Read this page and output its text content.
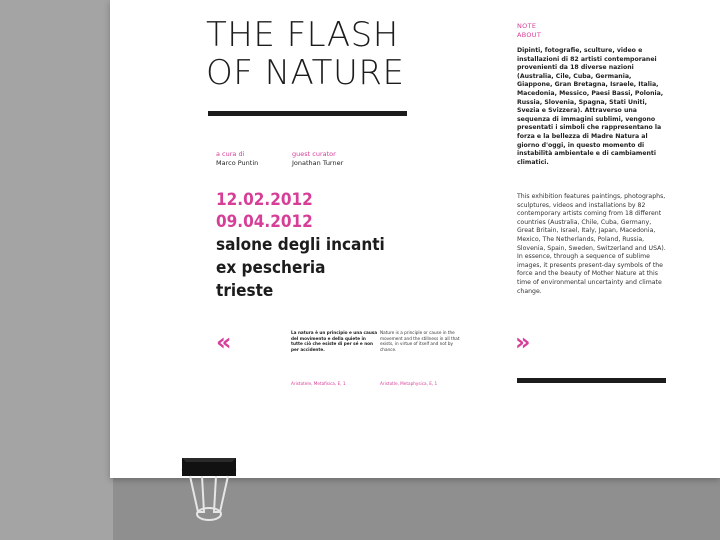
THE FLASH
OF NATURE
a cura di
Marco Puntin
guest curator
Jonathan Turner
12.02.2012
09.04.2012
salone degli incanti
ex pescheria
trieste
«	La natura è un principio e una causa del movimento e della quiete in tutte ciò che esiste di per sé e non per accidente.
Aristotele, Metafisica, E, 1
Nature is a principle or cause in the movement and the stillness in all that exists, in virtue of itself and not by chance.
Aristotle, Metaphysica, E, 1
NOTE
ABOUT
Dipinti, fotografie, sculture, video e installazioni di 82 artisti contemporanei provenienti da 18 diverse nazioni (Australia, Cile, Cuba, Germania, Giappone, Gran Bretagna, Israele, Italia, Macedonia, Messico, Paesi Bassi, Polonia, Russia, Slovenia, Spagna, Stati Uniti, Svezia e Svizzera). Attraverso una sequenza di immagini sublimi, vengono presentati i simboli che rappresentano la forza e la bellezza di Madre Natura al giorno d'oggi, in questo momento di instabilità ambientale e di cambiamenti climatici.
This exhibition features paintings, photographs, sculptures, videos and installations by 82 contemporary artists coming from 18 different countries (Australia, Chile, Cuba, Germany, Great Britain, Israel, Italy, Japan, Macedonia, Mexico, The Netherlands, Poland, Russia, Slovenia, Spain, Sweden, Switzerland and USA). In essence, through a sequence of sublime images, it presents present-day symbols of the force and the beauty of Mother Nature at this time of environmental uncertainty and climate change.
»
